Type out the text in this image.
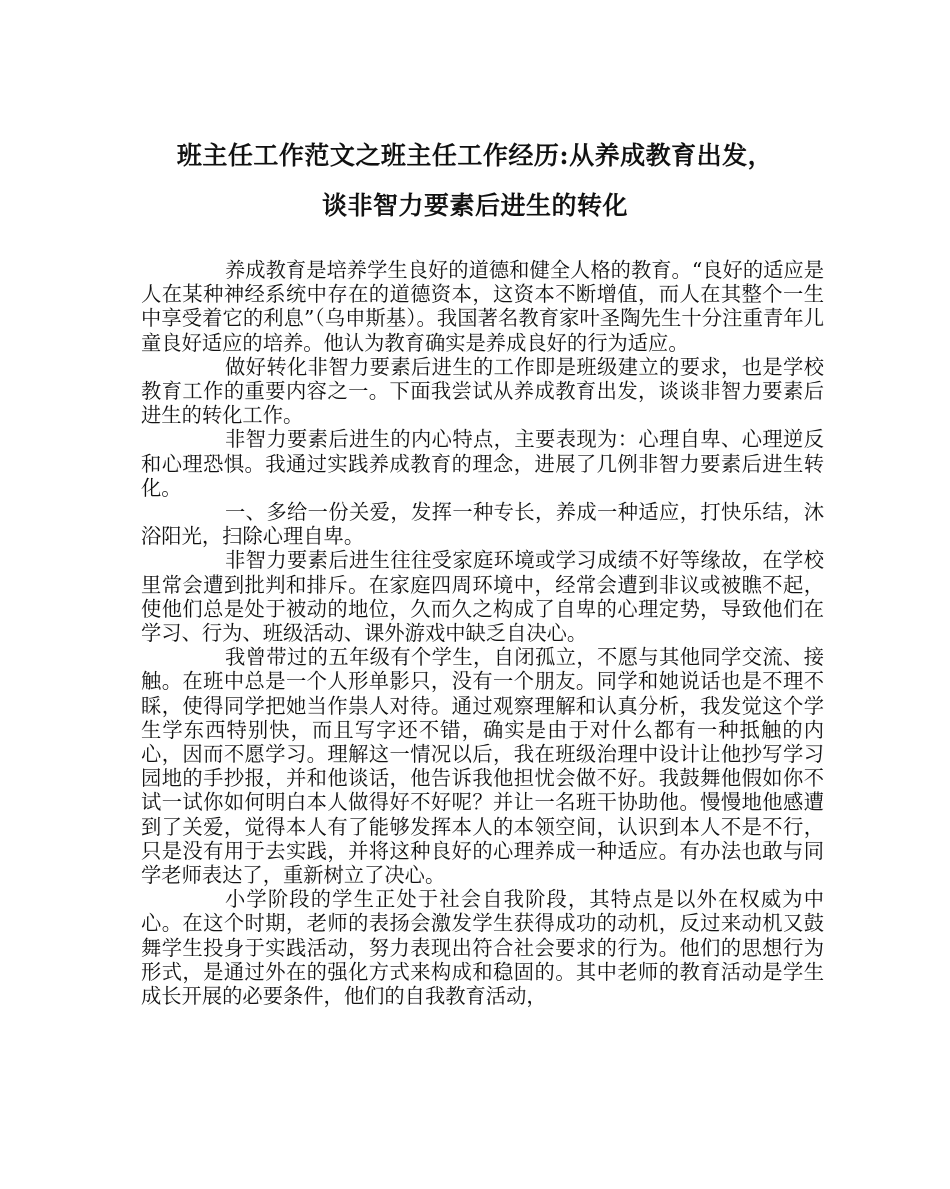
班主任工作范文之班主任工作经历:从养成教育出发，
谈非智力要素后进生的转化

养成教育是培养学生良好的道德和健全人格的教育。“良好的适应是人在某种神经系统中存在的道德资本，这资本不断增值，而人在其整个一生中享受着它的利息”（乌申斯基）。我国著名教育家叶圣陶先生十分注重青年儿童良好适应的培养。他认为教育确实是养成良好的行为适应。

做好转化非智力要素后进生的工作即是班级建立的要求，也是学校教育工作的重要内容之一。下面我尝试从养成教育出发，谈谈非智力要素后进生的转化工作。

非智力要素后进生的内心特点，主要表现为：心理自卑、心理逆反和心理恐惧。我通过实践养成教育的理念，进展了几例非智力要素后进生转化。

一、多给一份关爱，发挥一种专长，养成一种适应，打快乐结，沐浴阳光，扫除心理自卑。

非智力要素后进生往往受家庭环境或学习成绩不好等缘故，在学校里常会遭到批判和排斥。在家庭四周环境中，经常会遭到非议或被瞧不起，使他们总是处于被动的地位，久而久之构成了自卑的心理定势，导致他们在学习、行为、班级活动、课外游戏中缺乏自决心。

我曾带过的五年级有个学生，自闭孤立，不愿与其他同学交流、接触。在班中总是一个人形单影只，没有一个朋友。同学和她说话也是不理不睬，使得同学把她当作祟人对待。通过观察理解和认真分析，我发觉这个学生学东西特别快，而且写字还不错，确实是由于对什么都有一种抵触的内心，因而不愿学习。理解这一情况以后，我在班级治理中设计让他抄写学习园地的手抄报，并和他谈话，他告诉我他担忧会做不好。我鼓舞他假如你不试一试你如何明白本人做得好不好呢？并让一名班干协助他。慢慢地他感遭到了关爱，觉得本人有了能够发挥本人的本领空间，认识到本人不是不行，只是没有用于去实践，并将这种良好的心理养成一种适应。有办法也敢与同学老师表达了，重新树立了决心。

小学阶段的学生正处于社会自我阶段，其特点是以外在权威为中心。在这个时期，老师的表扬会激发学生获得成功的动机，反过来动机又鼓舞学生投身于实践活动，努力表现出符合社会要求的行为。他们的思想行为形式，是通过外在的强化方式来构成和稳固的。其中老师的教育活动是学生成长开展的必要条件，他们的自我教育活动，
